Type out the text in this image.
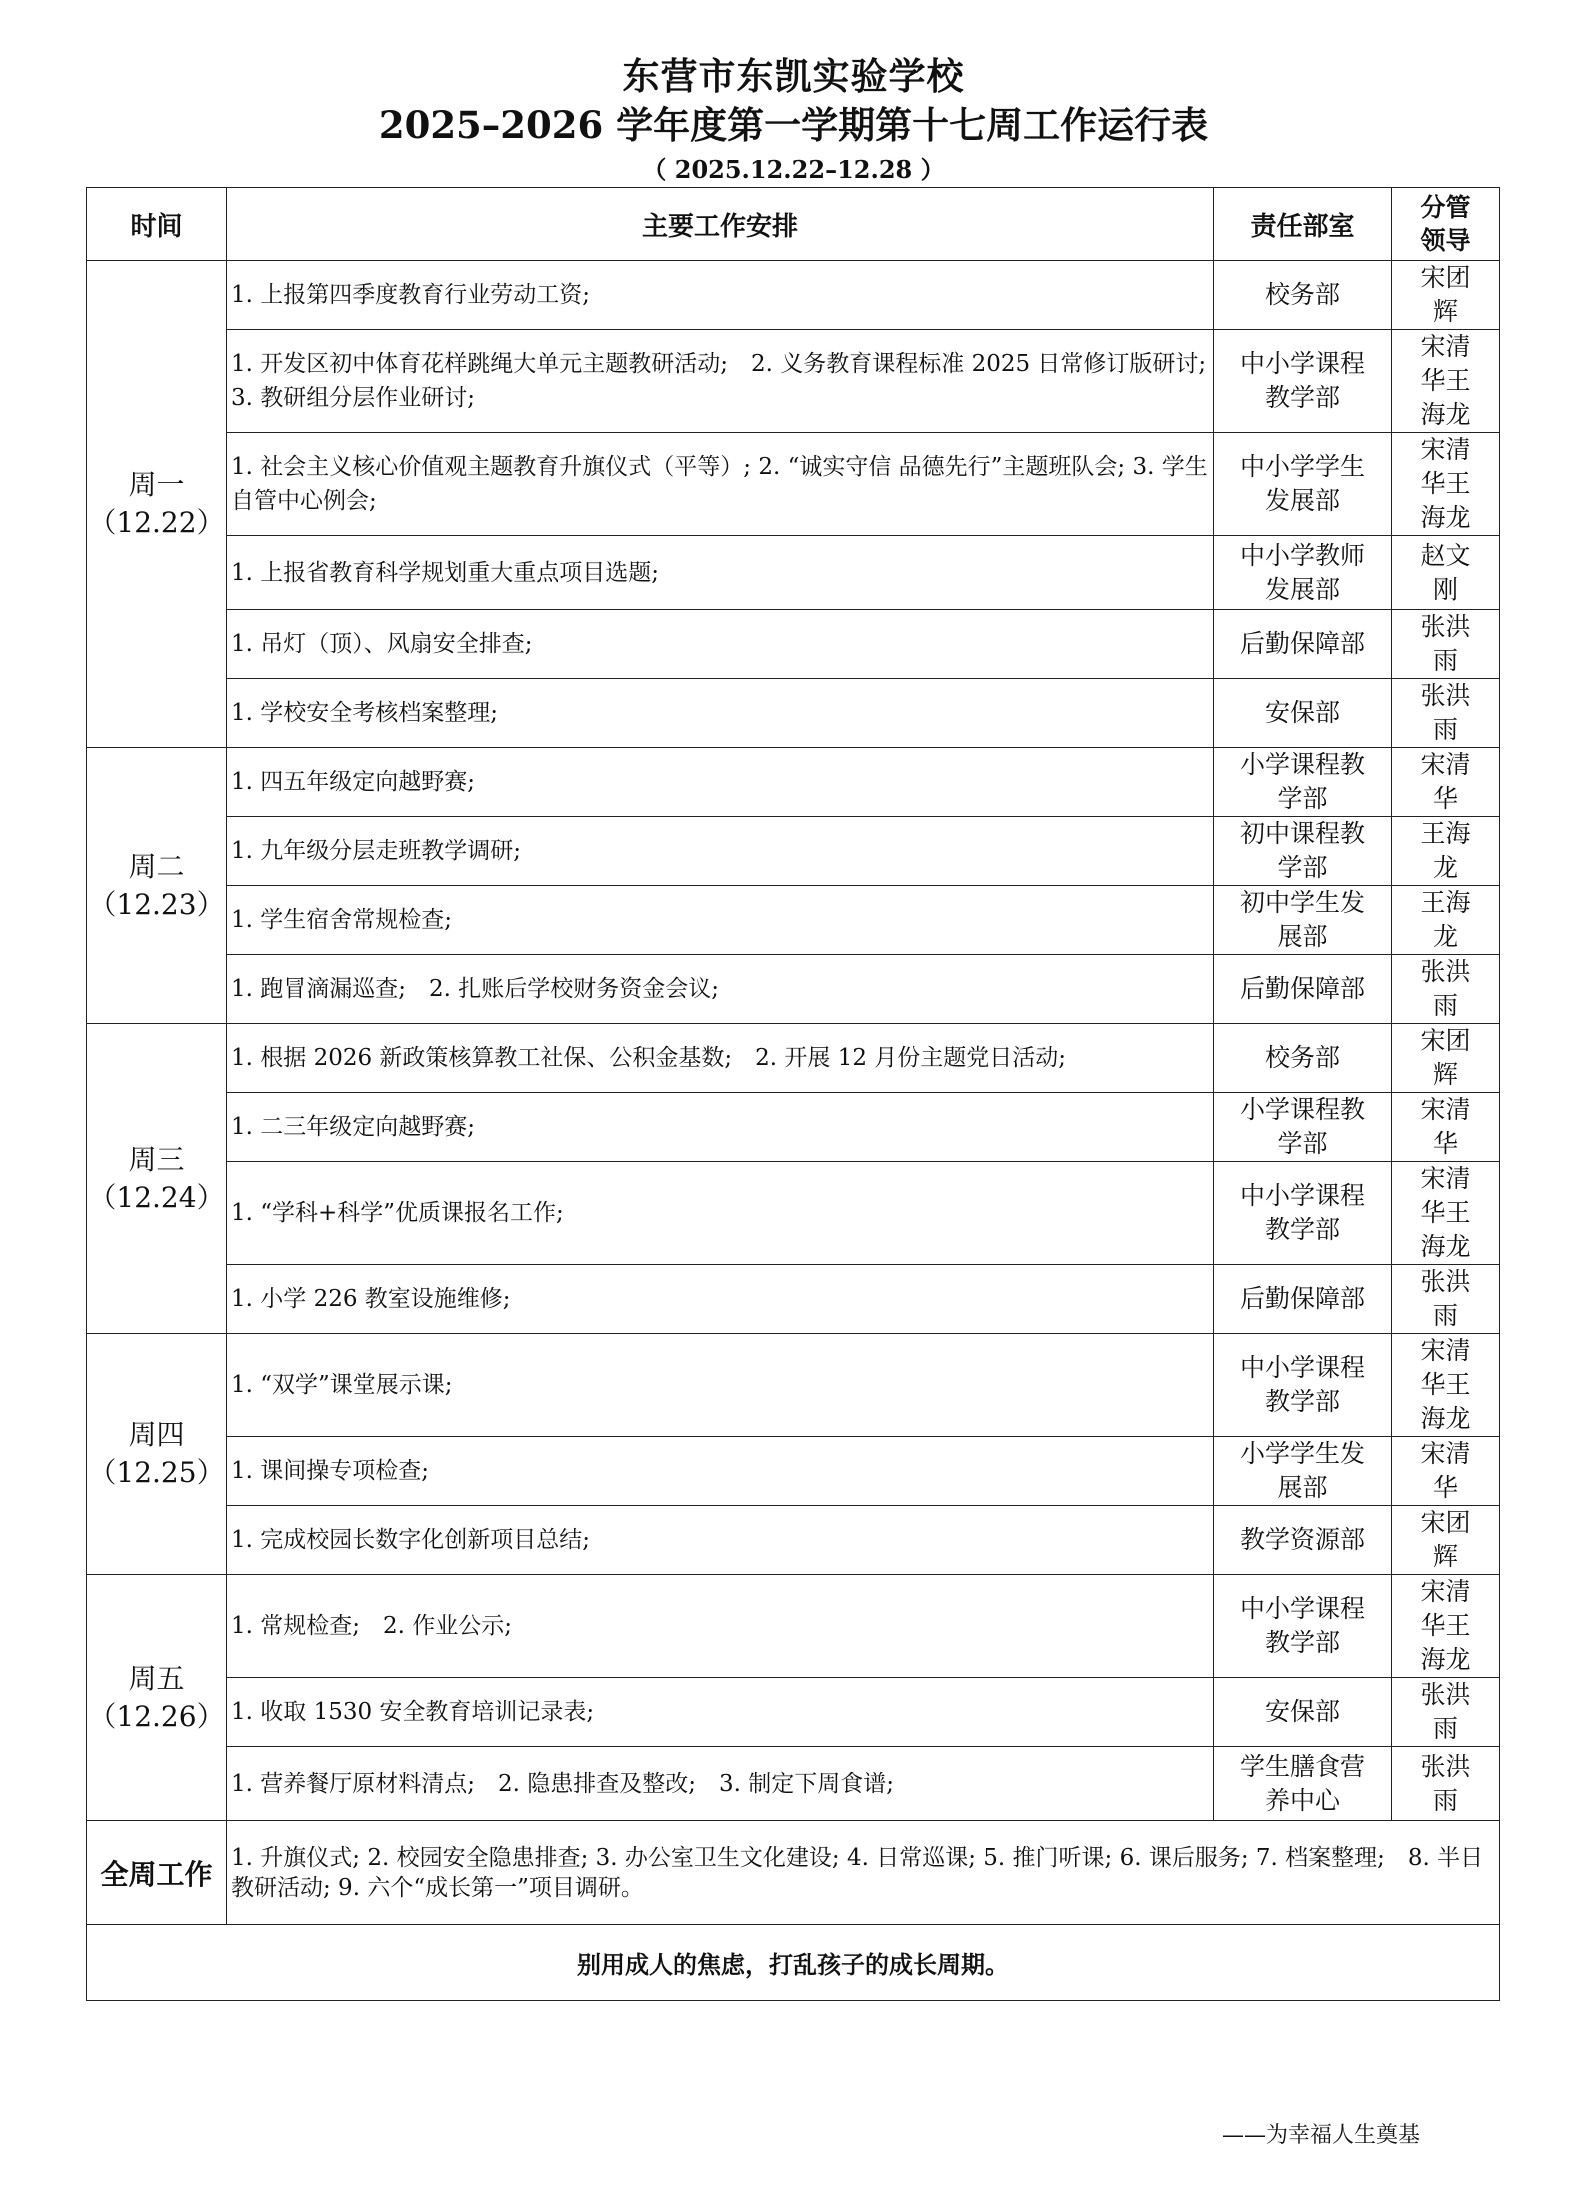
东营市东凯实验学校
2025–2026 学年度第一学期第十七周工作运行表
（ 2025.12.22–12.28 ）
时间	主要工作安排	责任部室	分管领导

周一
（12.22）	1. 上报第四季度教育行业劳动工资;	校务部	宋团辉

	1. 开发区初中体育花样跳绳大单元主题教研活动;　2. 义务教育课程标准 2025 日常修订版研讨; 3. 教研组分层作业研讨;	中小学课程教学部	宋清华王海龙

	1. 社会主义核心价值观主题教育升旗仪式（平等）; 2. “诚实守信 品德先行”主题班队会; 3. 学生自管中心例会;	中小学学生发展部	宋清华王海龙

	1. 上报省教育科学规划重大重点项目选题;	中小学教师发展部	赵文刚

	1. 吊灯（顶）、风扇安全排查;	后勤保障部	张洪雨

	1. 学校安全考核档案整理;	安保部	张洪雨

周二
（12.23）	1. 四五年级定向越野赛;	小学课程教学部	宋清华

	1. 九年级分层走班教学调研;	初中课程教学部	王海龙

	1. 学生宿舍常规检查;	初中学生发展部	王海龙

	1. 跑冒滴漏巡查;　2. 扎账后学校财务资金会议;	后勤保障部	张洪雨

周三
（12.24）	1. 根据 2026 新政策核算教工社保、公积金基数;　2. 开展 12 月份主题党日活动;	校务部	宋团辉

	1. 二三年级定向越野赛;	小学课程教学部	宋清华

	1. “学科+科学”优质课报名工作;	中小学课程教学部	宋清华王海龙

	1. 小学 226 教室设施维修;	后勤保障部	张洪雨

周四
（12.25）	1. “双学”课堂展示课;	中小学课程教学部	宋清华王海龙

	1. 课间操专项检查;	小学学生发展部	宋清华

	1. 完成校园长数字化创新项目总结;	教学资源部	宋团辉

周五
（12.26）	1. 常规检查;　2. 作业公示;	中小学课程教学部	宋清华王海龙

	1. 收取 1530 安全教育培训记录表;	安保部	张洪雨

	1. 营养餐厅原材料清点;　2. 隐患排查及整改;　3. 制定下周食谱;	学生膳食营养中心	张洪雨

全周工作	1. 升旗仪式; 2. 校园安全隐患排查; 3. 办公室卫生文化建设; 4. 日常巡课; 5. 推门听课; 6. 课后服务; 7. 档案整理;　8. 半日教研活动; 9. 六个“成长第一”项目调研。		
别用成人的焦虑，打乱孩子的成长周期。			
——为幸福人生奠基
